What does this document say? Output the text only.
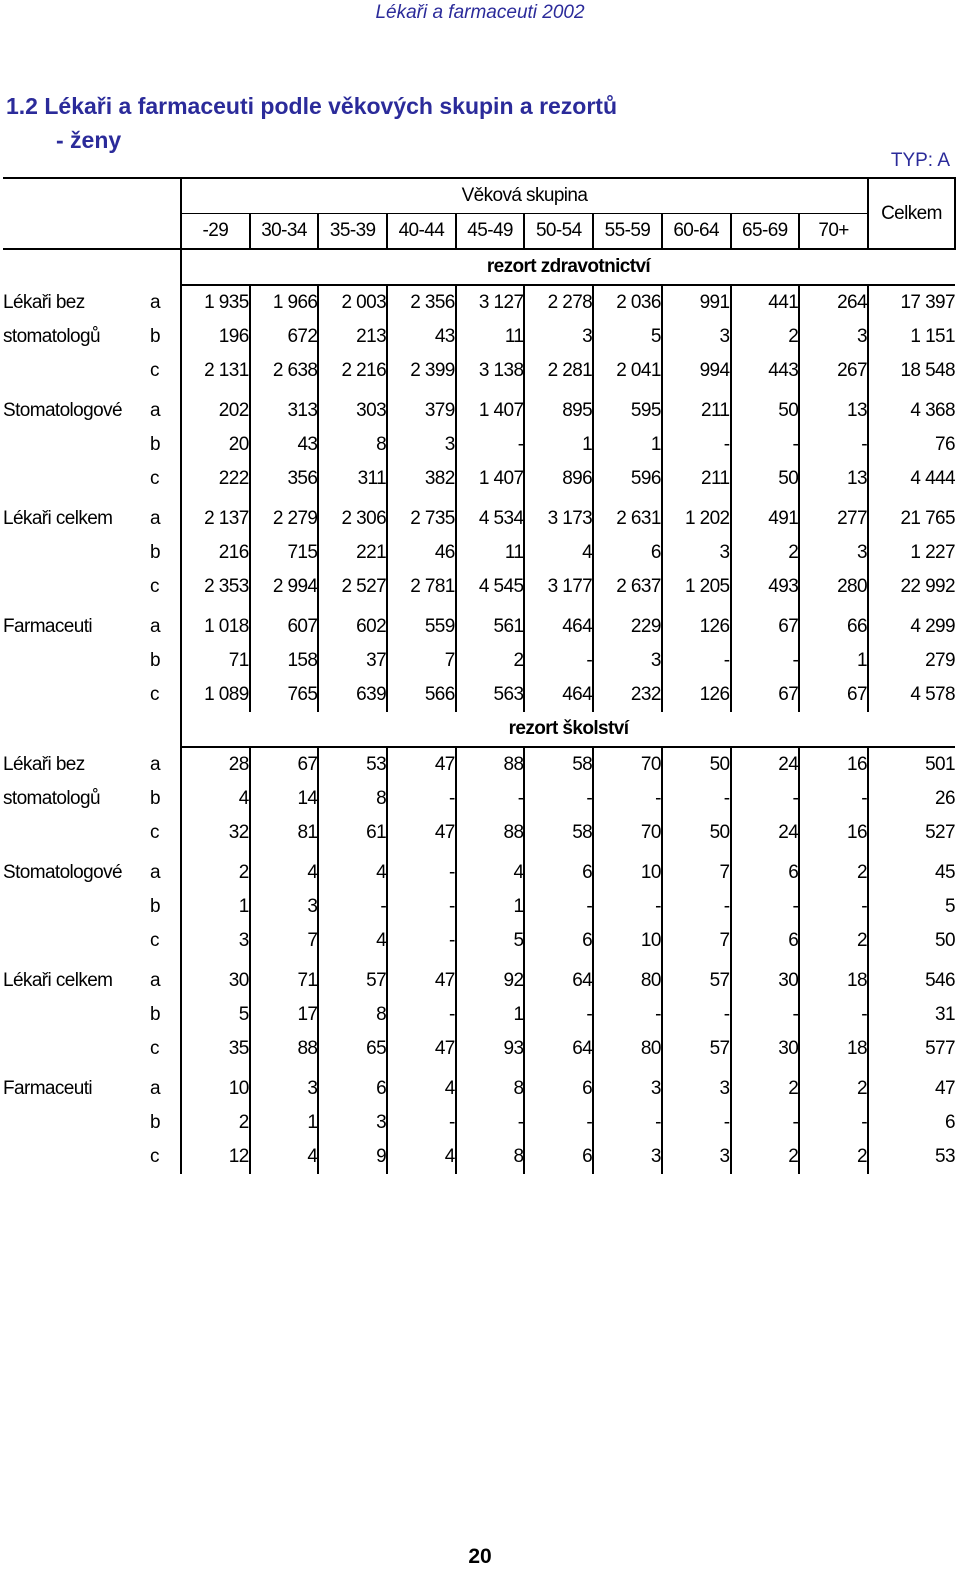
Lékaři a farmaceuti 2002
1.2 Lékaři a farmaceuti podle věkových skupin a rezortů
- ženy
TYP: A
		Věková skupina										Celkem
		-29	30-34	35-39	40-44	45-49	50-54	55-59	60-64	65-69	70+	
		rezort zdravotnictví										
Lékaři bez	a	1 935	1 966	2 003	2 356	3 127	2 278	2 036	991	441	264	17 397
stomatologů	b	196	672	213	43	11	3	5	3	2	3	1 151
	c	2 131	2 638	2 216	2 399	3 138	2 281	2 041	994	443	267	18 548
Stomatologové	a	202	313	303	379	1 407	895	595	211	50	13	4 368
	b	20	43	8	3	-	1	1	-	-	-	76
	c	222	356	311	382	1 407	896	596	211	50	13	4 444
Lékaři celkem	a	2 137	2 279	2 306	2 735	4 534	3 173	2 631	1 202	491	277	21 765
	b	216	715	221	46	11	4	6	3	2	3	1 227
	c	2 353	2 994	2 527	2 781	4 545	3 177	2 637	1 205	493	280	22 992
Farmaceuti	a	1 018	607	602	559	561	464	229	126	67	66	4 299
	b	71	158	37	7	2	-	3	-	-	1	279
	c	1 089	765	639	566	563	464	232	126	67	67	4 578
		rezort školství										
Lékaři bez	a	28	67	53	47	88	58	70	50	24	16	501
stomatologů	b	4	14	8	-	-	-	-	-	-	-	26
	c	32	81	61	47	88	58	70	50	24	16	527
Stomatologové	a	2	4	4	-	4	6	10	7	6	2	45
	b	1	3	-	-	1	-	-	-	-	-	5
	c	3	7	4	-	5	6	10	7	6	2	50
Lékaři celkem	a	30	71	57	47	92	64	80	57	30	18	546
	b	5	17	8	-	1	-	-	-	-	-	31
	c	35	88	65	47	93	64	80	57	30	18	577
Farmaceuti	a	10	3	6	4	8	6	3	3	2	2	47
	b	2	1	3	-	-	-	-	-	-	-	6
	c	12	4	9	4	8	6	3	3	2	2	53
20
